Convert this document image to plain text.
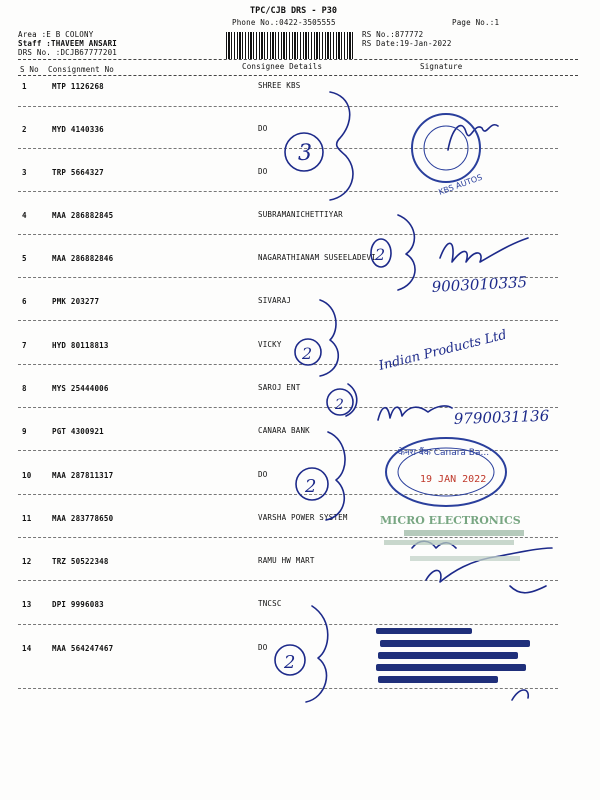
TPC/CJB DRS - P30
Phone No.:0422-3505555	Page No.:1
Area :E B COLONY
Staff :THAVEEM ANSARI
DRS No. :DCJB67777201
RS No.:877772
RS Date:19-Jan-2022
S No Consignment No	Consignee Details	Signature
1	MTP 1126268	SHREE KBS
2	MYD 4140336	DO
3	TRP 5664327	DO
4	MAA 286882845	SUBRAMANICHETTIYAR
5	MAA 286882846	NAGARATHIANAM SUSEELADEVI
6	PMK 203277	SIVARAJ
7	HYD 80118813	VICKY
8	MYS 25444006	SAROJ ENT
9	PGT 4300921	CANARA BANK
10	MAA 287811317	DO
11	MAA 283778650	VARSHA POWER SYSTEM
12	TRZ 50522348	RAMU HW MART
13	DPI 9996083	TNCSC
14	MAA 564247467	DO
3
2
2
2
2
2
9003010335
9790031136
Indian Products Ltd
KBS AUTOS
केनरा बैंक Canara Ba...
19 JAN 2022
MICRO ELECTRONICS
